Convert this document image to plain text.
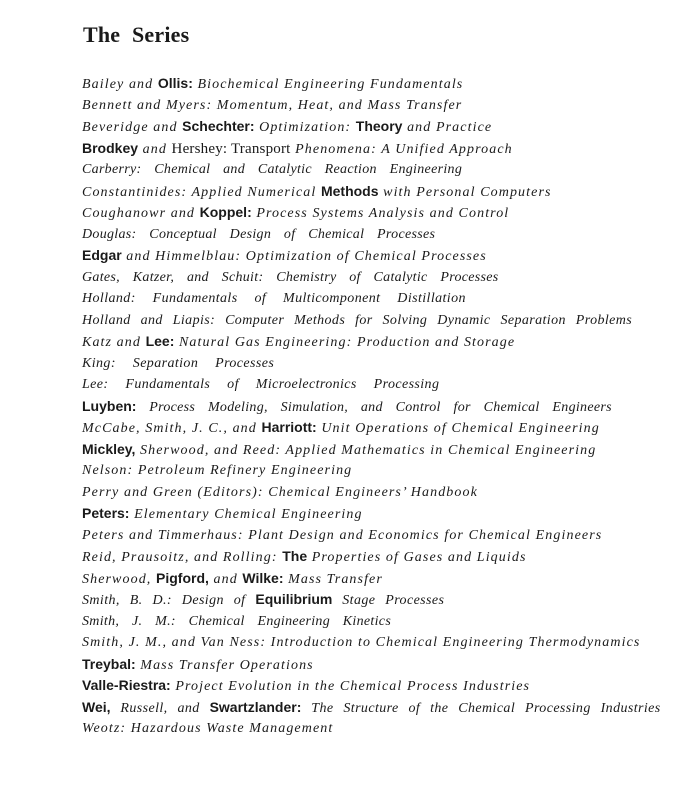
The Series
Bailey and Ollis: Biochemical Engineering Fundamentals
Bennett and Myers: Momentum, Heat, and Mass Transfer
Beveridge and Schechter: Optimization: Theory and Practice
Brodkey and Hershey: Transport Phenomena: A Unified Approach
Carberry: Chemical and Catalytic Reaction Engineering
Constantinides: Applied Numerical Methods with Personal Computers
Coughanowr and Koppel: Process Systems Analysis and Control
Douglas: Conceptual Design of Chemical Processes
Edgar and Himmelblau: Optimization of Chemical Processes
Gates, Katzer, and Schuit: Chemistry of Catalytic Processes
Holland: Fundamentals of Multicomponent Distillation
Holland and Liapis: Computer Methods for Solving Dynamic Separation Problems
Katz and Lee: Natural Gas Engineering: Production and Storage
King: Separation Processes
Lee: Fundamentals of Microelectronics Processing
Luyben: Process Modeling, Simulation, and Control for Chemical Engineers
McCabe, Smith, J. C., and Harriott: Unit Operations of Chemical Engineering
Mickley, Sherwood, and Reed: Applied Mathematics in Chemical Engineering
Nelson: Petroleum Refinery Engineering
Perry and Green (Editors): Chemical Engineers’ Handbook
Peters: Elementary Chemical Engineering
Peters and Timmerhaus: Plant Design and Economics for Chemical Engineers
Reid, Prausoitz, and Rolling: The Properties of Gases and Liquids
Sherwood, Pigford, and Wilke: Mass Transfer
Smith, B. D.: Design of Equilibrium Stage Processes
Smith, J. M.: Chemical Engineering Kinetics
Smith, J. M., and Van Ness: Introduction to Chemical Engineering Thermodynamics
Treybal: Mass Transfer Operations
Valle-Riestra: Project Evolution in the Chemical Process Industries
Wei, Russell, and Swartzlander: The Structure of the Chemical Processing Industries
Weotz: Hazardous Waste Management
